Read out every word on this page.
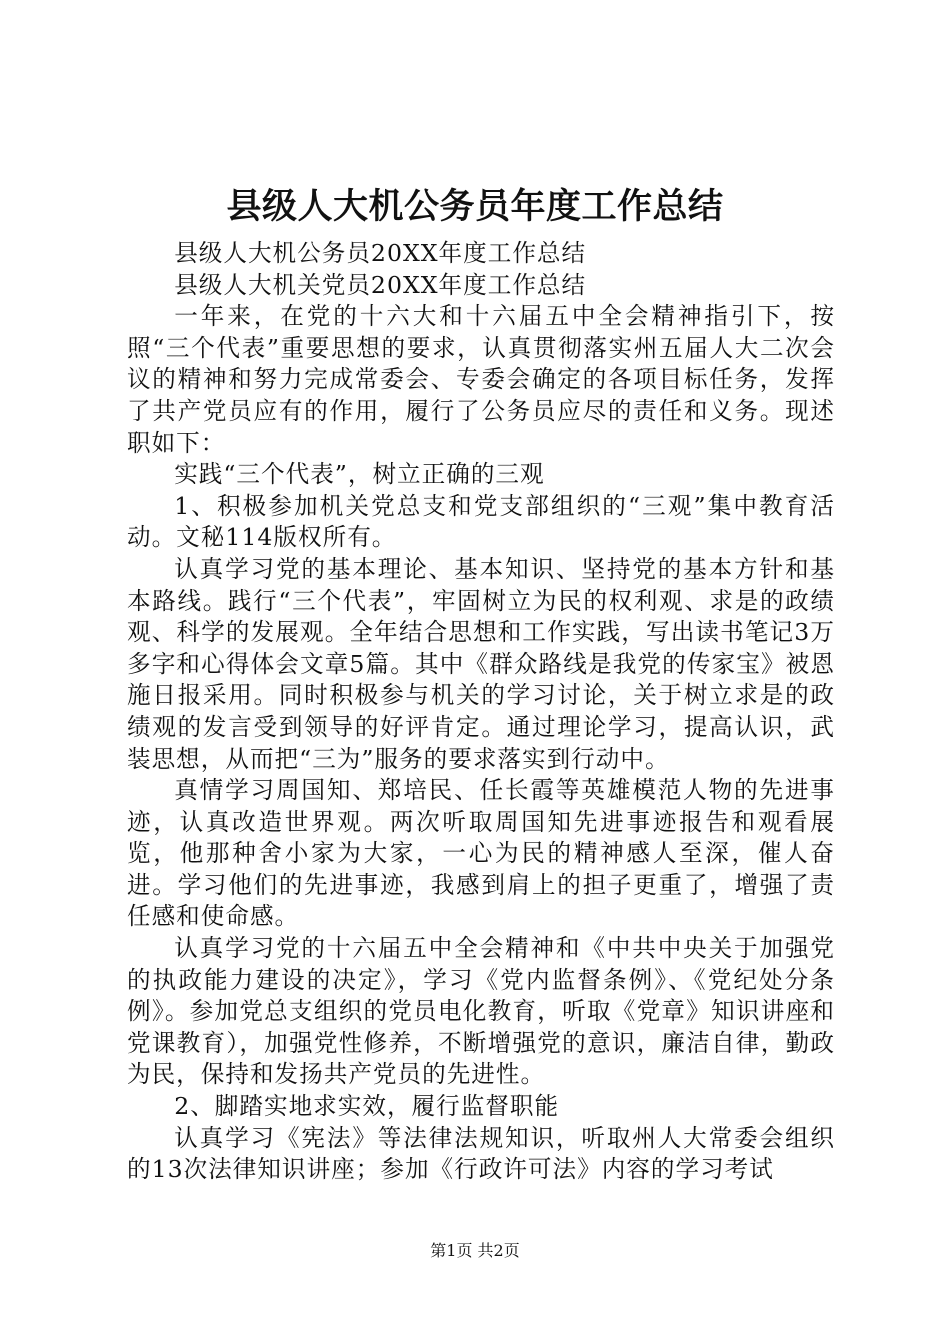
县级人大机公务员年度工作总结

县级人大机公务员20XX年度工作总结

县级人大机关党员20XX年度工作总结

一年来，在党的十六大和十六届五中全会精神指引下，按照“三个代表”重要思想的要求，认真贯彻落实州五届人大二次会议的精神和努力完成常委会、专委会确定的各项目标任务，发挥了共产党员应有的作用，履行了公务员应尽的责任和义务。现述职如下：

实践“三个代表”，树立正确的三观

1、积极参加机关党总支和党支部组织的“三观”集中教育活动。文秘114版权所有。

认真学习党的基本理论、基本知识、坚持党的基本方针和基本路线。践行“三个代表”，牢固树立为民的权利观、求是的政绩观、科学的发展观。全年结合思想和工作实践，写出读书笔记3万多字和心得体会文章5篇。其中《群众路线是我党的传家宝》被恩施日报采用。同时积极参与机关的学习讨论，关于树立求是的政绩观的发言受到领导的好评肯定。通过理论学习，提高认识，武装思想，从而把“三为”服务的要求落实到行动中。

真情学习周国知、郑培民、任长霞等英雄模范人物的先进事迹，认真改造世界观。两次听取周国知先进事迹报告和观看展览，他那种舍小家为大家，一心为民的精神感人至深，催人奋进。学习他们的先进事迹，我感到肩上的担子更重了，增强了责任感和使命感。

认真学习党的十六届五中全会精神和《中共中央关于加强党的执政能力建设的决定》，学习《党内监督条例》、《党纪处分条例》。参加党总支组织的党员电化教育，听取《党章》知识讲座和党课教育），加强党性修养，不断增强党的意识，廉洁自律，勤政为民，保持和发扬共产党员的先进性。

2、脚踏实地求实效，履行监督职能

认真学习《宪法》等法律法规知识，听取州人大常委会组织的13次法律知识讲座；参加《行政许可法》内容的学习考试

第1页 共2页
